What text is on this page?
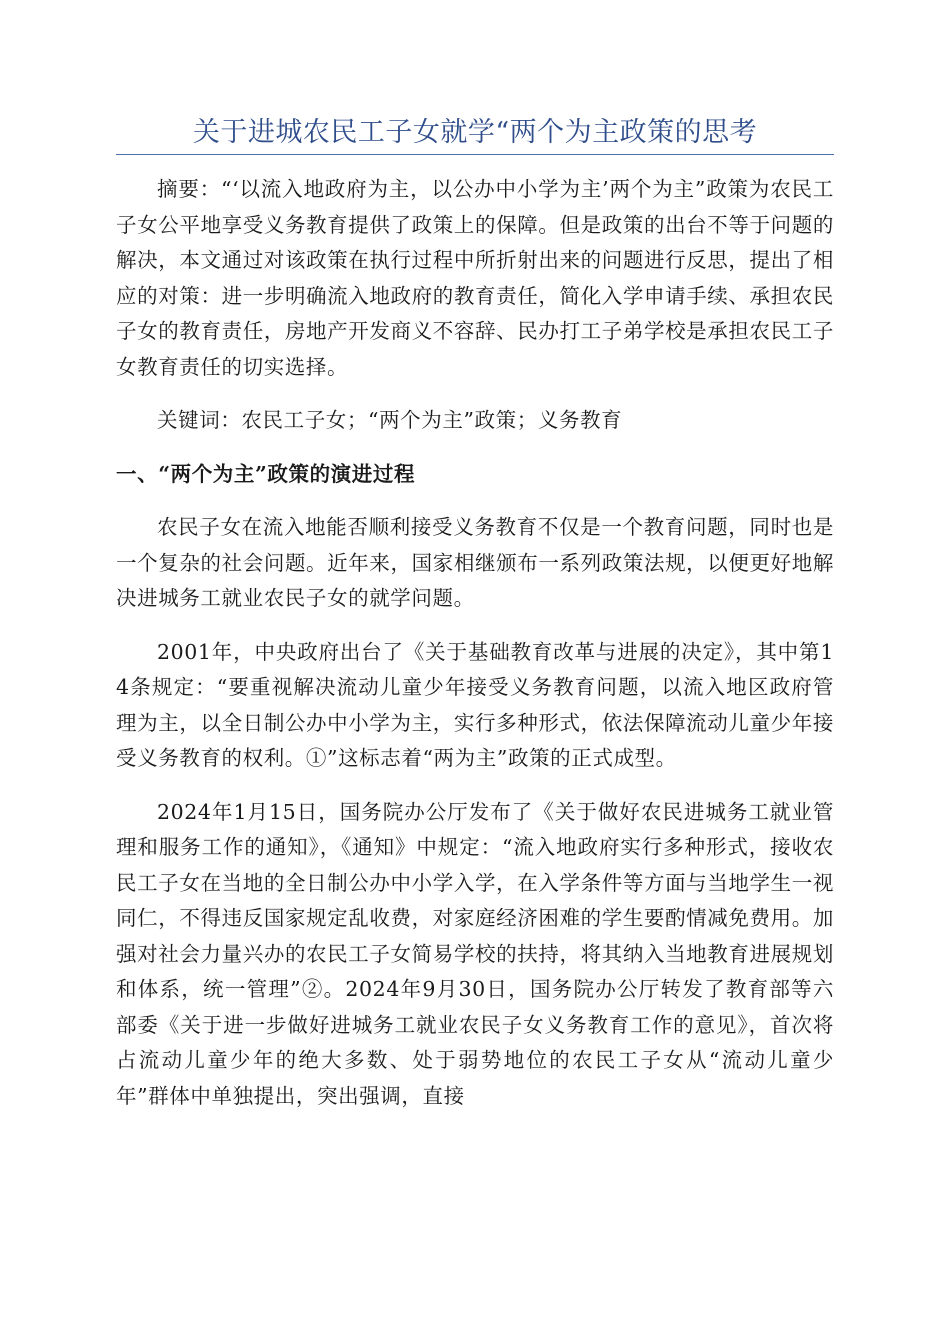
关于进城农民工子女就学“两个为主政策的思考

摘要：“‘以流入地政府为主，以公办中小学为主’两个为主”政策为农民工子女公平地享受义务教育提供了政策上的保障。但是政策的出台不等于问题的解决，本文通过对该政策在执行过程中所折射出来的问题进行反思，提出了相应的对策：进一步明确流入地政府的教育责任，简化入学申请手续、承担农民子女的教育责任，房地产开发商义不容辞、民办打工子弟学校是承担农民工子女教育责任的切实选择。

关键词：农民工子女；“两个为主”政策；义务教育

一、“两个为主”政策的演进过程

农民子女在流入地能否顺利接受义务教育不仅是一个教育问题，同时也是一个复杂的社会问题。近年来，国家相继颁布一系列政策法规，以便更好地解决进城务工就业农民子女的就学问题。

2001年，中央政府出台了《关于基础教育改革与进展的决定》，其中第14条规定：“要重视解决流动儿童少年接受义务教育问题，以流入地区政府管理为主，以全日制公办中小学为主，实行多种形式，依法保障流动儿童少年接受义务教育的权利。①”这标志着“两为主”政策的正式成型。

2024年1月15日，国务院办公厅发布了《关于做好农民进城务工就业管理和服务工作的通知》，《通知》中规定：“流入地政府实行多种形式，接收农民工子女在当地的全日制公办中小学入学，在入学条件等方面与当地学生一视同仁，不得违反国家规定乱收费，对家庭经济困难的学生要酌情减免费用。加强对社会力量兴办的农民工子女简易学校的扶持，将其纳入当地教育进展规划和体系，统一管理”②。2024年9月30日，国务院办公厅转发了教育部等六部委《关于进一步做好进城务工就业农民子女义务教育工作的意见》，首次将占流动儿童少年的绝大多数、处于弱势地位的农民工子女从“流动儿童少年”群体中单独提出，突出强调，直接
